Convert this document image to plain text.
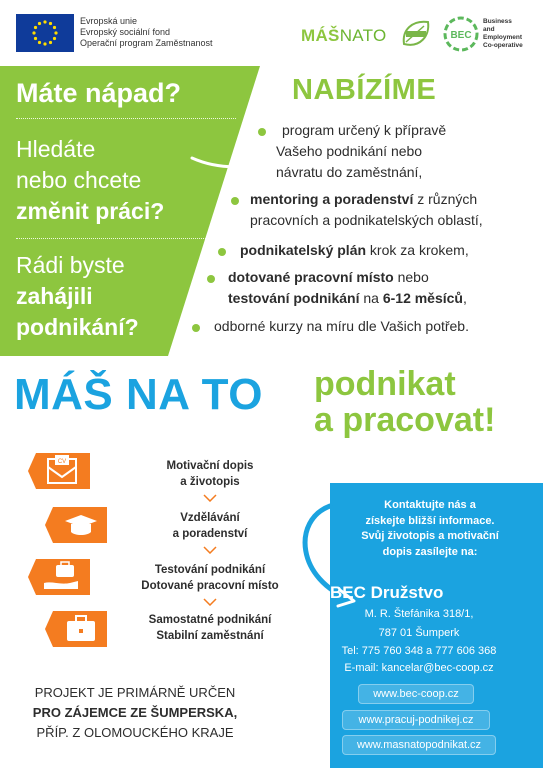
Evropská unie
Evropský sociální fond
Operační program Zaměstnanost	MÁŠNATO	BEC
Business
and
Employment
Co-operative
Máte nápad?
Hledáte
nebo chcete
změnit práci?
Rádi byste
zahájili
podnikání?
NABÍZÍME
program určený k přípravě
Vašeho podnikání nebo
návratu do zaměstnání,
mentoring a poradenství z různých
pracovních a podnikatelských oblastí,
podnikatelský plán krok za krokem,
dotované pracovní místo nebo
testování podnikání na 6-12 měsíců,
odborné kurzy na míru dle Vašich potřeb.
MÁŠ NA TO podnikat
a pracovat!
CV	Motivační dopis
a životopis
Vzdělávání
a poradenství
Testování podnikání
Dotované pracovní místo
Samostatné podnikání
Stabilní zaměstnání
Kontaktujte nás a
získejte bližší informace.
Svůj životopis a motivační
dopis zasílejte na:
BEC Družstvo
M. R. Štefánika 318/1,
787 01 Šumperk
Tel: 775 760 348 a 777 606 368
E-mail: kancelar@bec-coop.cz
www.bec-coop.cz
www.pracuj-podnikej.cz
www.masnatopodnikat.cz
PROJEKT JE PRIMÁRNĚ URČEN
PRO ZÁJEMCE ZE ŠUMPERSKA,
PŘÍP. Z OLOMOUCKÉHO KRAJE
